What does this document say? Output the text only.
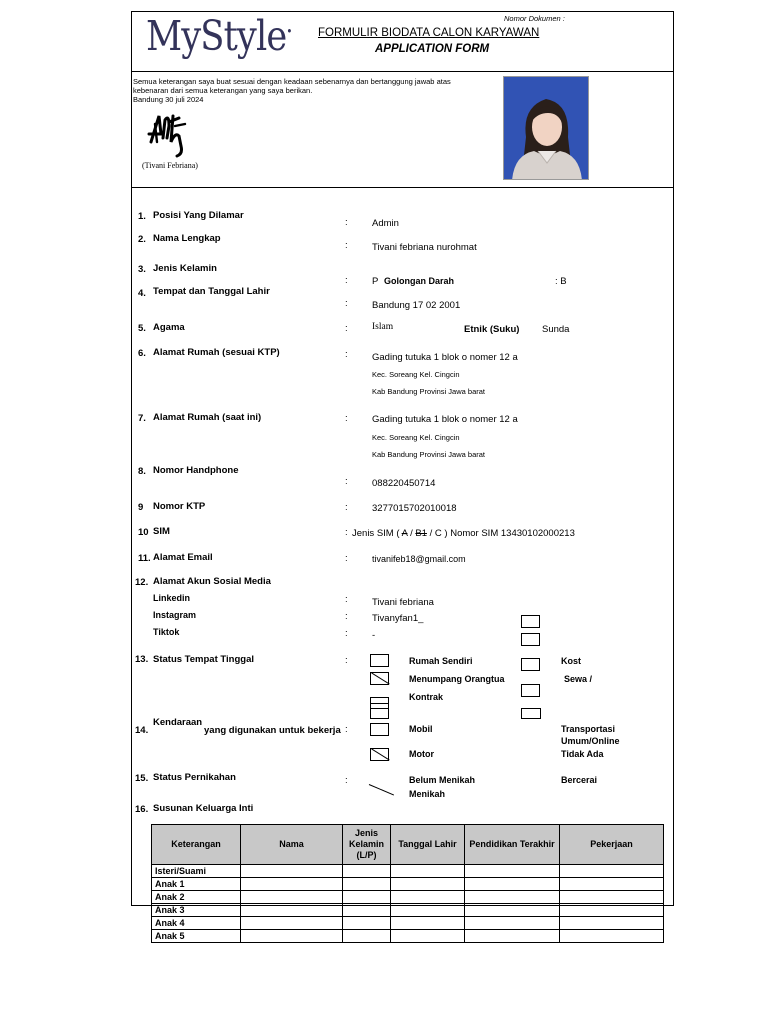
Nomor Dokumen :
MyStyle• FORMULIR BIODATA CALON KARYAWAN
APPLICATION FORM
Semua keterangan saya buat sesuai dengan keadaan sebenarnya dan bertanggung jawab atas
kebenaran dari semua keterangan yang saya berikan.
Bandung 30 juli 2024
(Tivani Febriana)
1. Posisi Yang Dilamar
:	Admin
2. Nama Lengkap
:	Tivani febriana nurohmat
3. Jenis Kelamin
:	P Golongan Darah	: B
4. Tempat dan Tanggal Lahir
:	Bandung 17 02 2001
5. Agama	:	Islam	Etnik (Suku) Sunda
6. Alamat Rumah (sesuai KTP)	:	Gading tutuka 1 blok o nomer 12 a
Kec. Soreang Kel. Cingcin
Kab Bandung Provinsi Jawa barat
7. Alamat Rumah (saat ini)	:	Gading tutuka 1 blok o nomer 12 a
Kec. Soreang Kel. Cingcin
Kab Bandung Provinsi Jawa barat
8. Nomor Handphone
:	088220450714
9 Nomor KTP	:	3277015702010018
10 SIM	: Jenis SIM ( A / B1 / C ) Nomor SIM 13430102000213
11. Alamat Email	:	tivanifeb18@gmail.com
12. Alamat Akun Sosial Media
Linkedin	:	Tivani febriana
Instagram	:	Tivanyfan1_
Tiktok	:	-
13. Status Tempat Tinggal	:	Rumah Sendiri
Menumpang Orangtua
Kontrak
Kost
Sewa /
14.
Kendaraan
yang digunakan untuk bekerja :	Mobil
Motor
Transportasi
Umum/Online
Tidak Ada
15. Status Pernikahan	:	Belum Menikah
Menikah
Bercerai
16. Susunan Keluarga Inti
Keterangan	Nama	Jenis Kelamin (L/P)	Tanggal Lahir	Pendidikan Terakhir	Pekerjaan
Isteri/Suami					
Anak 1					
Anak 2					
Anak 3					
Anak 4					
Anak 5					
